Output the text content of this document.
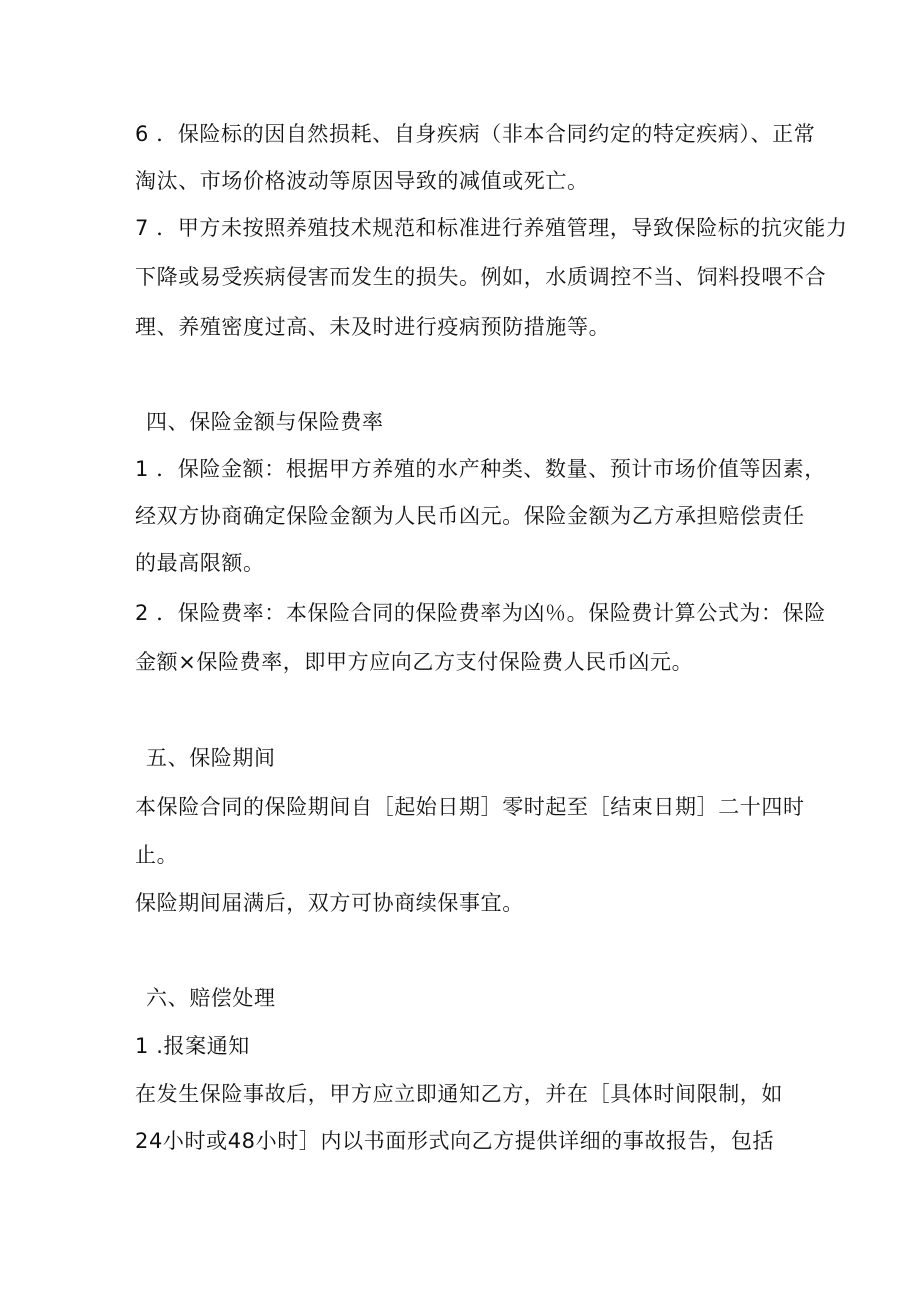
6 ．保险标的因自然损耗、自身疾病（非本合同约定的特定疾病）、正常
淘汰、市场价格波动等原因导致的减值或死亡。
7 ．甲方未按照养殖技术规范和标准进行养殖管理，导致保险标的抗灾能力
下降或易受疾病侵害而发生的损失。例如，水质调控不当、饲料投喂不合
理、养殖密度过高、未及时进行疫病预防措施等。
四、保险金额与保险费率
1 ．保险金额：根据甲方养殖的水产种类、数量、预计市场价值等因素，
经双方协商确定保险金额为人民币凶元。保险金额为乙方承担赔偿责任
的最高限额。
2 ．保险费率：本保险合同的保险费率为凶％。保险费计算公式为：保险
金额×保险费率，即甲方应向乙方支付保险费人民币凶元。
五、保险期间
本保险合同的保险期间自［起始日期］零时起至［结束日期］二十四时
止。
保险期间届满后，双方可协商续保事宜。
六、赔偿处理
1 .报案通知
在发生保险事故后，甲方应立即通知乙方，并在［具体时间限制，如
24小时或48小时］内以书面形式向乙方提供详细的事故报告，包括
